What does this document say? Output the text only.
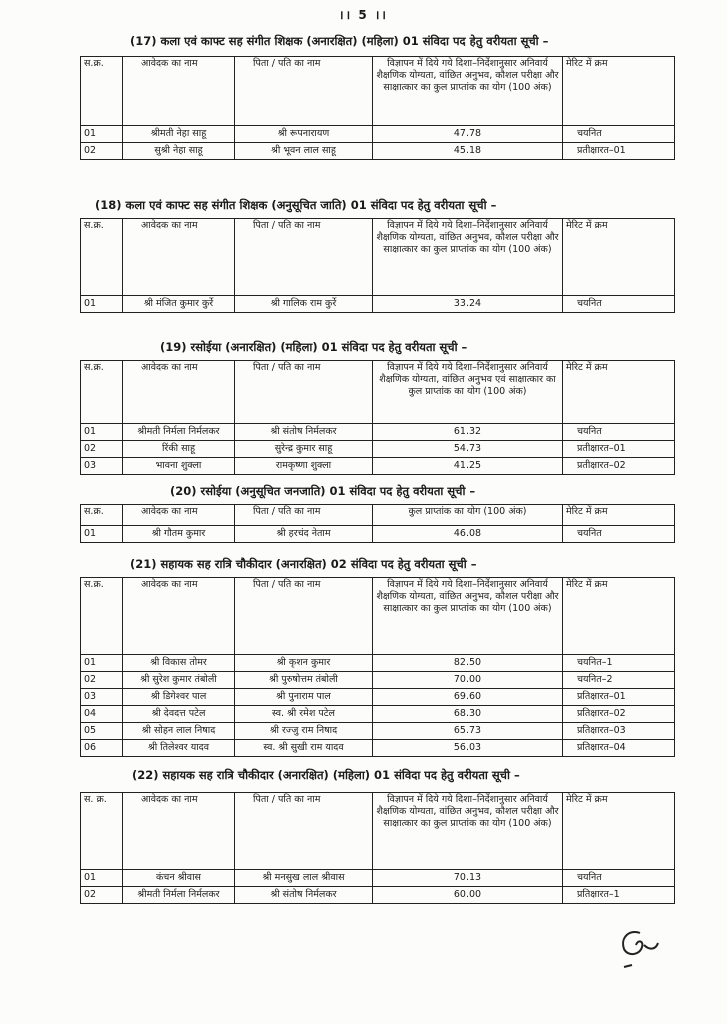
।। 5 ।।
(17) कला एवं काफ्ट सह संगीत शिक्षक (अनारक्षित) (महिला) 01 संविदा पद हेतु वरीयता सूची –
स.क्र.	आवेदक का नाम	पिता / पति का नाम	विज्ञापन में दिये गये दिशा–निर्देशानुसार अनिवार्य शैक्षणिक योग्यता, वांछित अनुभव, कौशल परीक्षा और साक्षात्कार का कुल प्राप्तांक का योग (100 अंक)	मेरिट में क्रम
01	श्रीमती नेहा साहू	श्री रूपनारायण	47.78	चयनित
02	सुश्री नेहा साहू	श्री भूवन लाल साहू	45.18	प्रतीक्षारत–01
(18) कला एवं काफ्ट सह संगीत शिक्षक (अनुसूचित जाति) 01 संविदा पद हेतु वरीयता सूची –
स.क्र.	आवेदक का नाम	पिता / पति का नाम	विज्ञापन में दिये गये दिशा–निर्देशानुसार अनिवार्य शैक्षणिक योग्यता, वांछित अनुभव, कौशल परीक्षा और साक्षात्कार का कुल प्राप्तांक का योग (100 अंक)	मेरिट में क्रम
01	श्री मंजित कुमार कुर्रे	श्री गालिक राम कुर्रे	33.24	चयनित
(19) रसोईया (अनारक्षित) (महिला) 01 संविदा पद हेतु वरीयता सूची –
स.क्र.	आवेदक का नाम	पिता / पति का नाम	विज्ञापन में दिये गये दिशा–निर्देशानुसार अनिवार्य शैक्षणिक योग्यता, वांछित अनुभव एवं साक्षात्कार का कुल प्राप्तांक का योग (100 अंक)	मेरिट में क्रम
01	श्रीमती निर्मला निर्मलकर	श्री संतोष निर्मलकर	61.32	चयनित
02	रिंकी साहू	सुरेन्द्र कुमार साहू	54.73	प्रतीक्षारत–01
03	भावना शुक्ला	रामकृष्णा शुक्ला	41.25	प्रतीक्षारत–02
(20) रसोईया (अनुसूचित जनजाति) 01 संविदा पद हेतु वरीयता सूची –
स.क्र.	आवेदक का नाम	पिता / पति का नाम	कुल प्राप्तांक का योग (100 अंक)	मेरिट में क्रम
01	श्री गौतम कुमार	श्री हरचंद नेताम	46.08	चयनित
(21) सहायक सह रात्रि चौकीदार (अनारक्षित) 02 संविदा पद हेतु वरीयता सूची –
स.क्र.	आवेदक का नाम	पिता / पति का नाम	विज्ञापन में दिये गये दिशा–निर्देशानुसार अनिवार्य शैक्षणिक योग्यता, वांछित अनुभव, कौशल परीक्षा और साक्षात्कार का कुल प्राप्तांक का योग (100 अंक)	मेरिट में क्रम
01	श्री विकास तोमर	श्री कृशन कुमार	82.50	चयनित–1
02	श्री सुरेश कुमार तंबोली	श्री पुरुषोत्तम तंबोली	70.00	चयनित–2
03	श्री डिगेश्वर पाल	श्री पुनाराम पाल	69.60	प्रतिक्षारत–01
04	श्री देवदत्त पटेल	स्व. श्री रमेश पटेल	68.30	प्रतिक्षारत–02
05	श्री सोहन लाल निषाद	श्री रज्जु राम निषाद	65.73	प्रतिक्षारत–03
06	श्री तिलेश्वर यादव	स्व. श्री सुखी राम यादव	56.03	प्रतिक्षारत–04
(22) सहायक सह रात्रि चौकीदार (अनारक्षित) (महिला) 01 संविदा पद हेतु वरीयता सूची –
स. क्र.	आवेदक का नाम	पिता / पति का नाम	विज्ञापन में दिये गये दिशा–निर्देशानुसार अनिवार्य शैक्षणिक योग्यता, वांछित अनुभव, कौशल परीक्षा और साक्षात्कार का कुल प्राप्तांक का योग (100 अंक)	मेरिट में क्रम
01	कंचन श्रीवास	श्री मनसुख लाल श्रीवास	70.13	चयनित
02	श्रीमती निर्मला निर्मलकर	श्री संतोष निर्मलकर	60.00	प्रतिक्षारत–1
